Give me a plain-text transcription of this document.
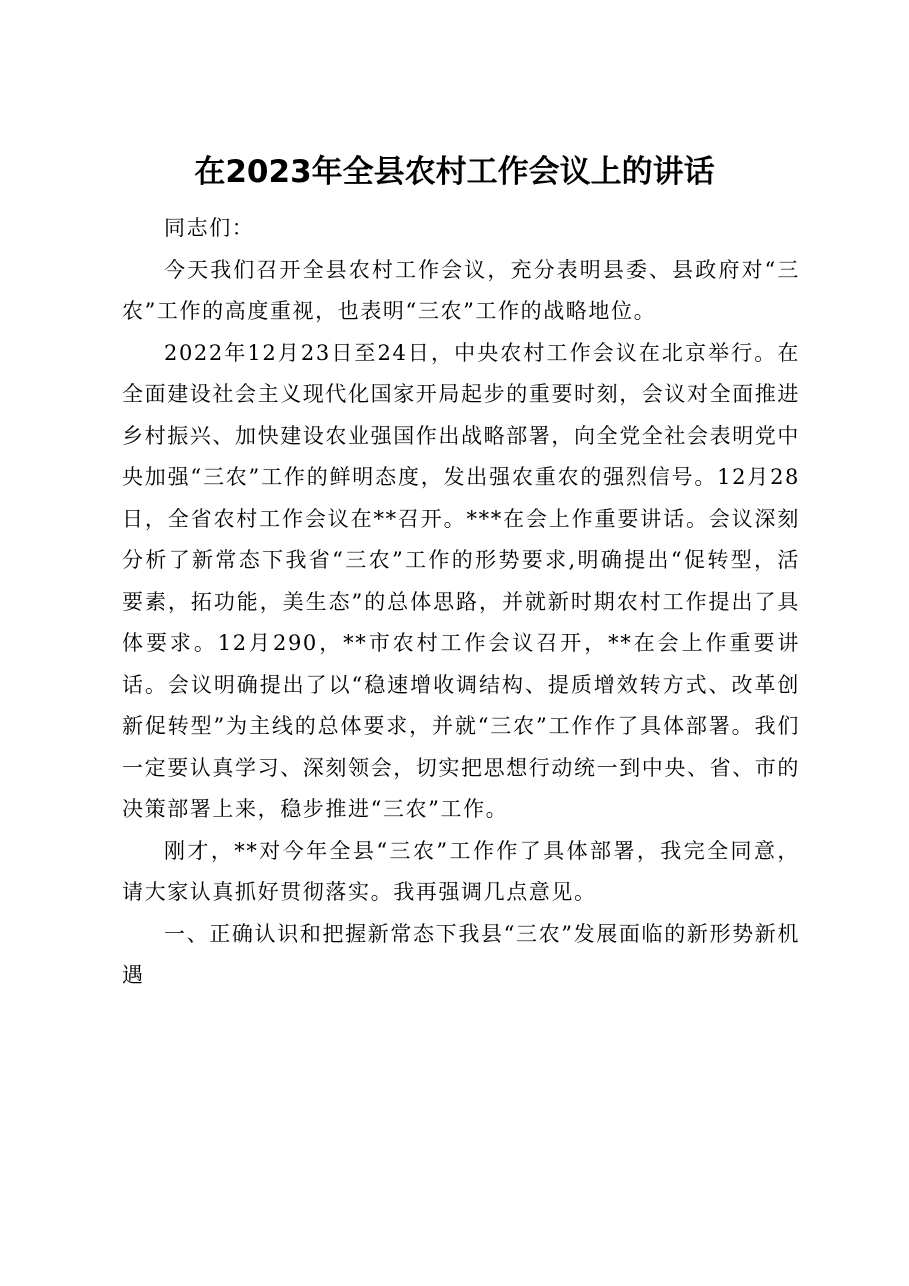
在2023年全县农村工作会议上的讲话

同志们：

今天我们召开全县农村工作会议，充分表明县委、县政府对“三农”工作的高度重视，也表明“三农”工作的战略地位。

2022年12月23日至24日，中央农村工作会议在北京举行。在全面建设社会主义现代化国家开局起步的重要时刻，会议对全面推进乡村振兴、加快建设农业强国作出战略部署，向全党全社会表明党中央加强“三农”工作的鲜明态度，发出强农重农的强烈信号。12月28日，全省农村工作会议在**召开。***在会上作重要讲话。会议深刻分析了新常态下我省“三农”工作的形势要求,明确提出“促转型，活要素，拓功能，美生态”的总体思路，并就新时期农村工作提出了具体要求。12月290，**市农村工作会议召开，**在会上作重要讲话。会议明确提出了以“稳速增收调结构、提质增效转方式、改革创新促转型”为主线的总体要求，并就“三农”工作作了具体部署。我们一定要认真学习、深刻领会，切实把思想行动统一到中央、省、市的决策部署上来，稳步推进“三农”工作。

刚才，**对今年全县“三农”工作作了具体部署，我完全同意，请大家认真抓好贯彻落实。我再强调几点意见。

一、正确认识和把握新常态下我县“三农”发展面临的新形势新机遇
